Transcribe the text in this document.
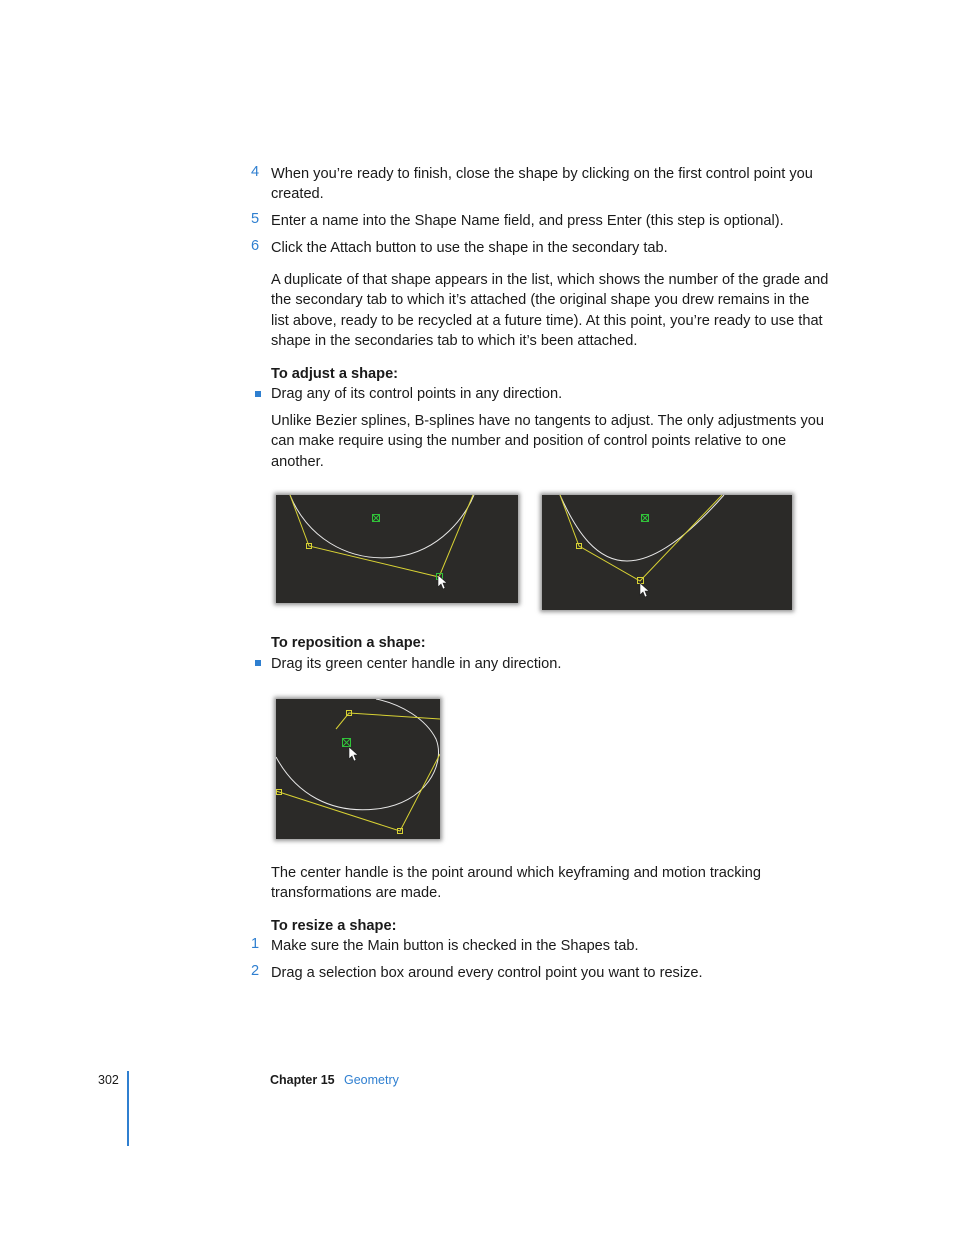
4 When you’re ready to finish, close the shape by clicking on the first control point you
created.
5 Enter a name into the Shape Name field, and press Enter (this step is optional).
6 Click the Attach button to use the shape in the secondary tab.
A duplicate of that shape appears in the list, which shows the number of the grade and
the secondary tab to which it’s attached (the original shape you drew remains in the
list above, ready to be recycled at a future time). At this point, you’re ready to use that
shape in the secondaries tab to which it’s been attached.
To adjust a shape:
Drag any of its control points in any direction.
Unlike Bezier splines, B-splines have no tangents to adjust. The only adjustments you
can make require using the number and position of control points relative to one
another.
To reposition a shape:
Drag its green center handle in any direction.
The center handle is the point around which keyframing and motion tracking
transformations are made.
To resize a shape:
1 Make sure the Main button is checked in the Shapes tab.
2 Drag a selection box around every control point you want to resize.
302	Chapter 15 Geometry
